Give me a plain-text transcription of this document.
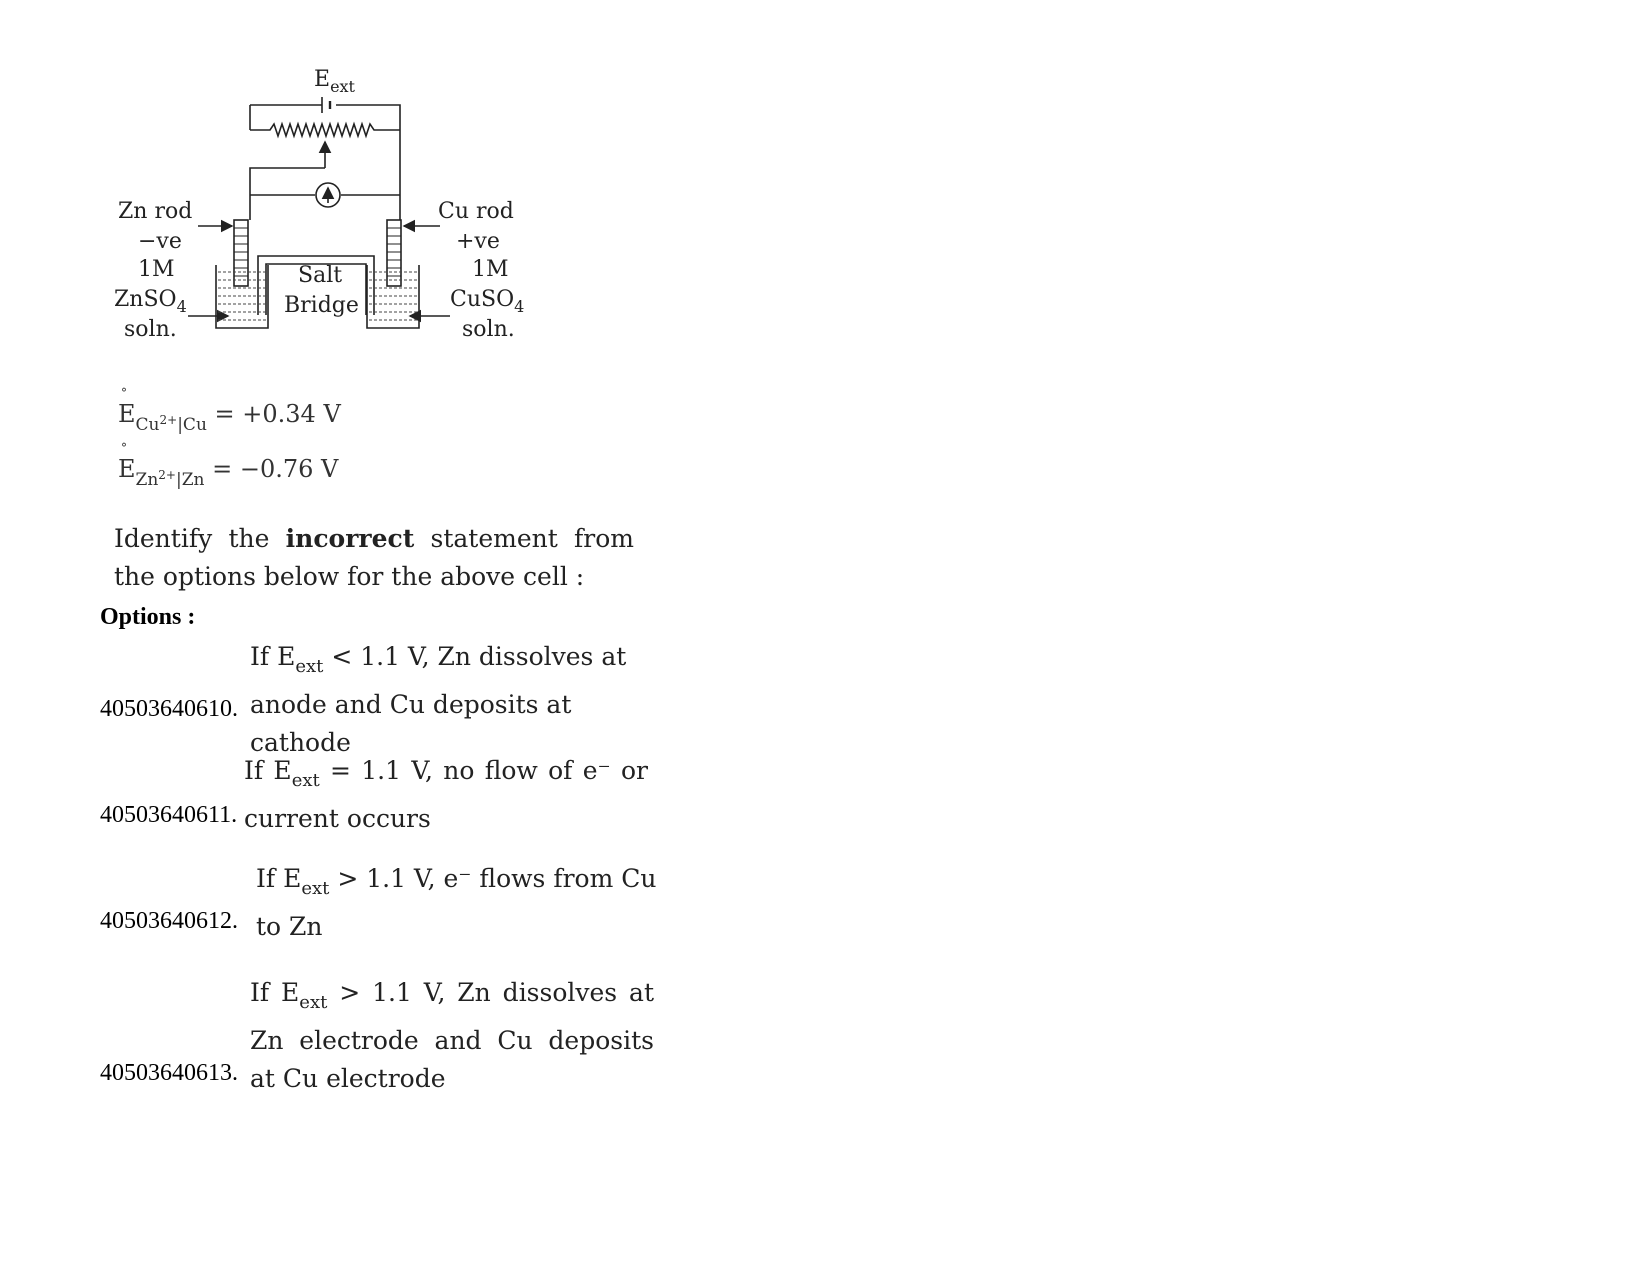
$E_{ext}$
Zn rod
−ve
1M
ZnSO$_4$
soln.
Cu rod
+ve
1M
CuSO$_4$
soln.
Salt
Bridge
°
$E_{Cu^{2+}|Cu} = +0.34$ V
°
$E_{Zn^{2+}|Zn} = -0.76$ V
Identify the incorrect statement from the options below for the above cell :
Options :
40503640610.
If $E_{ext} < 1.1$ V, Zn dissolves at anode and Cu deposits at cathode
40503640611.
If $E_{ext} = 1.1$ V, no flow of e⁻ or current occurs
40503640612.
If $E_{ext} > 1.1$ V, e⁻ flows from Cu to Zn
40503640613.
If $E_{ext} > 1.1$ V, Zn dissolves at Zn electrode and Cu deposits at Cu electrode
